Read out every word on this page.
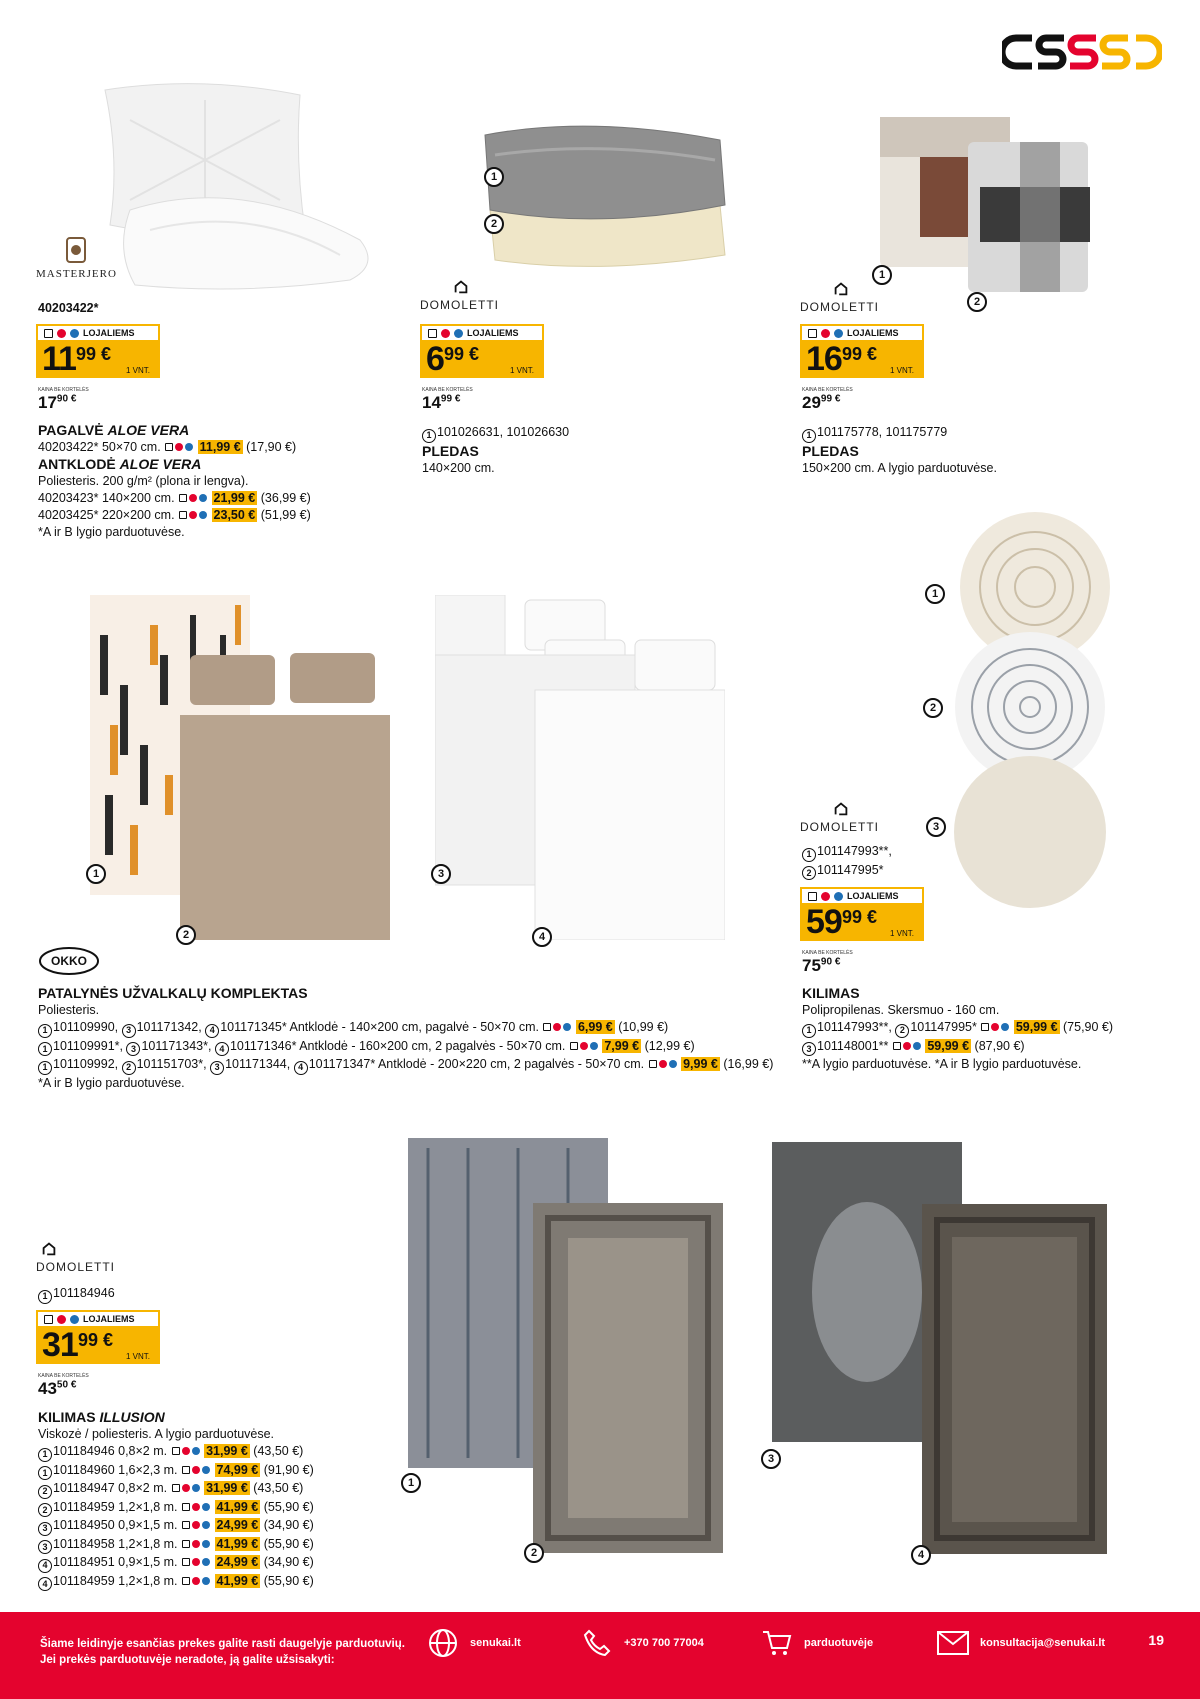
MASTERJERO
40203422*
LOJALIEMS
11 99 €
1 VNT.
KAINA BE KORTELĖS
$17^{90 €}$
PAGALVĖ ALOE VERA
40203422* 50×70 cm.	11,99 € (17,90 €)
ANTKLODĖ ALOE VERA
Poliesteris. 200 g/m² (plona ir lengva).
40203423* 140×200 cm.	21,99 € (36,99 €)
40203425* 220×200 cm.	23,50 € (51,99 €)
*A ir B lygio parduotuvėse.
1
2
DOMOLETTI
LOJALIEMS
6 99 €
1 VNT.
KAINA BE KORTELĖS
$14^{99 €}$
1 101026631, 101026630
PLEDAS
140×200 cm.
1
2
DOMOLETTI
LOJALIEMS
16 99 €
1 VNT.
KAINA BE KORTELĖS
$29^{99 €}$
1 101175778, 101175779
PLEDAS
150×200 cm. A lygio parduotuvėse.
1
2
3
4
OKKO
PATALYNĖS UŽVALKALŲ KOMPLEKTAS
Poliesteris.
1 101109990, 3 101171342, 4 101171345* Antklodė - 140×200 cm, pagalvė - 50×70 cm.	6,99 € (10,99 €)
1 101109991*, 3 101171343*, 4 101171346* Antklodė - 160×200 cm, 2 pagalvės - 50×70 cm.	7,99 € (12,99 €)
1 101109992, 2 101151703*, 3 101171344, 4 101171347* Antklodė - 200×220 cm, 2 pagalvės - 50×70 cm.	9,99 € (16,99 €)
*A ir B lygio parduotuvėse.
1
2
3
DOMOLETTI
1 101147993**,
2 101147995*
LOJALIEMS
59 99 €
1 VNT.
KAINA BE KORTELĖS
$75^{90 €}$
KILIMAS
Polipropilenas. Skersmuo - 160 cm.
1 101147993**, 2 101147995*	59,99 € (75,90 €)
3 101148001**	59,99 € (87,90 €)
**A lygio parduotuvėse. *A ir B lygio parduotuvėse.
1
2
3
4
DOMOLETTI
1 101184946
LOJALIEMS
31 99 €
1 VNT.
KAINA BE KORTELĖS
$43^{50 €}$
KILIMAS ILLUSION
Viskozė / poliesteris. A lygio parduotuvėse.
1 101184946 0,8×2 m.	31,99 € (43,50 €)
1 101184960 1,6×2,3 m.	74,99 € (91,90 €)
2 101184947 0,8×2 m.	31,99 € (43,50 €)
2 101184959 1,2×1,8 m.	41,99 € (55,90 €)
3 101184950 0,9×1,5 m.	24,99 € (34,90 €)
3 101184958 1,2×1,8 m.	41,99 € (55,90 €)
4 101184951 0,9×1,5 m.	24,99 € (34,90 €)
4 101184959 1,2×1,8 m.	41,99 € (55,90 €)
Šiame leidinyje esančias prekes galite rasti daugelyje parduotuvių.
Jei prekės parduotuvėje neradote, ją galite užsisakyti:
senukai.lt	+370 700 77004	parduotuvėje	konsultacija@senukai.lt	19
